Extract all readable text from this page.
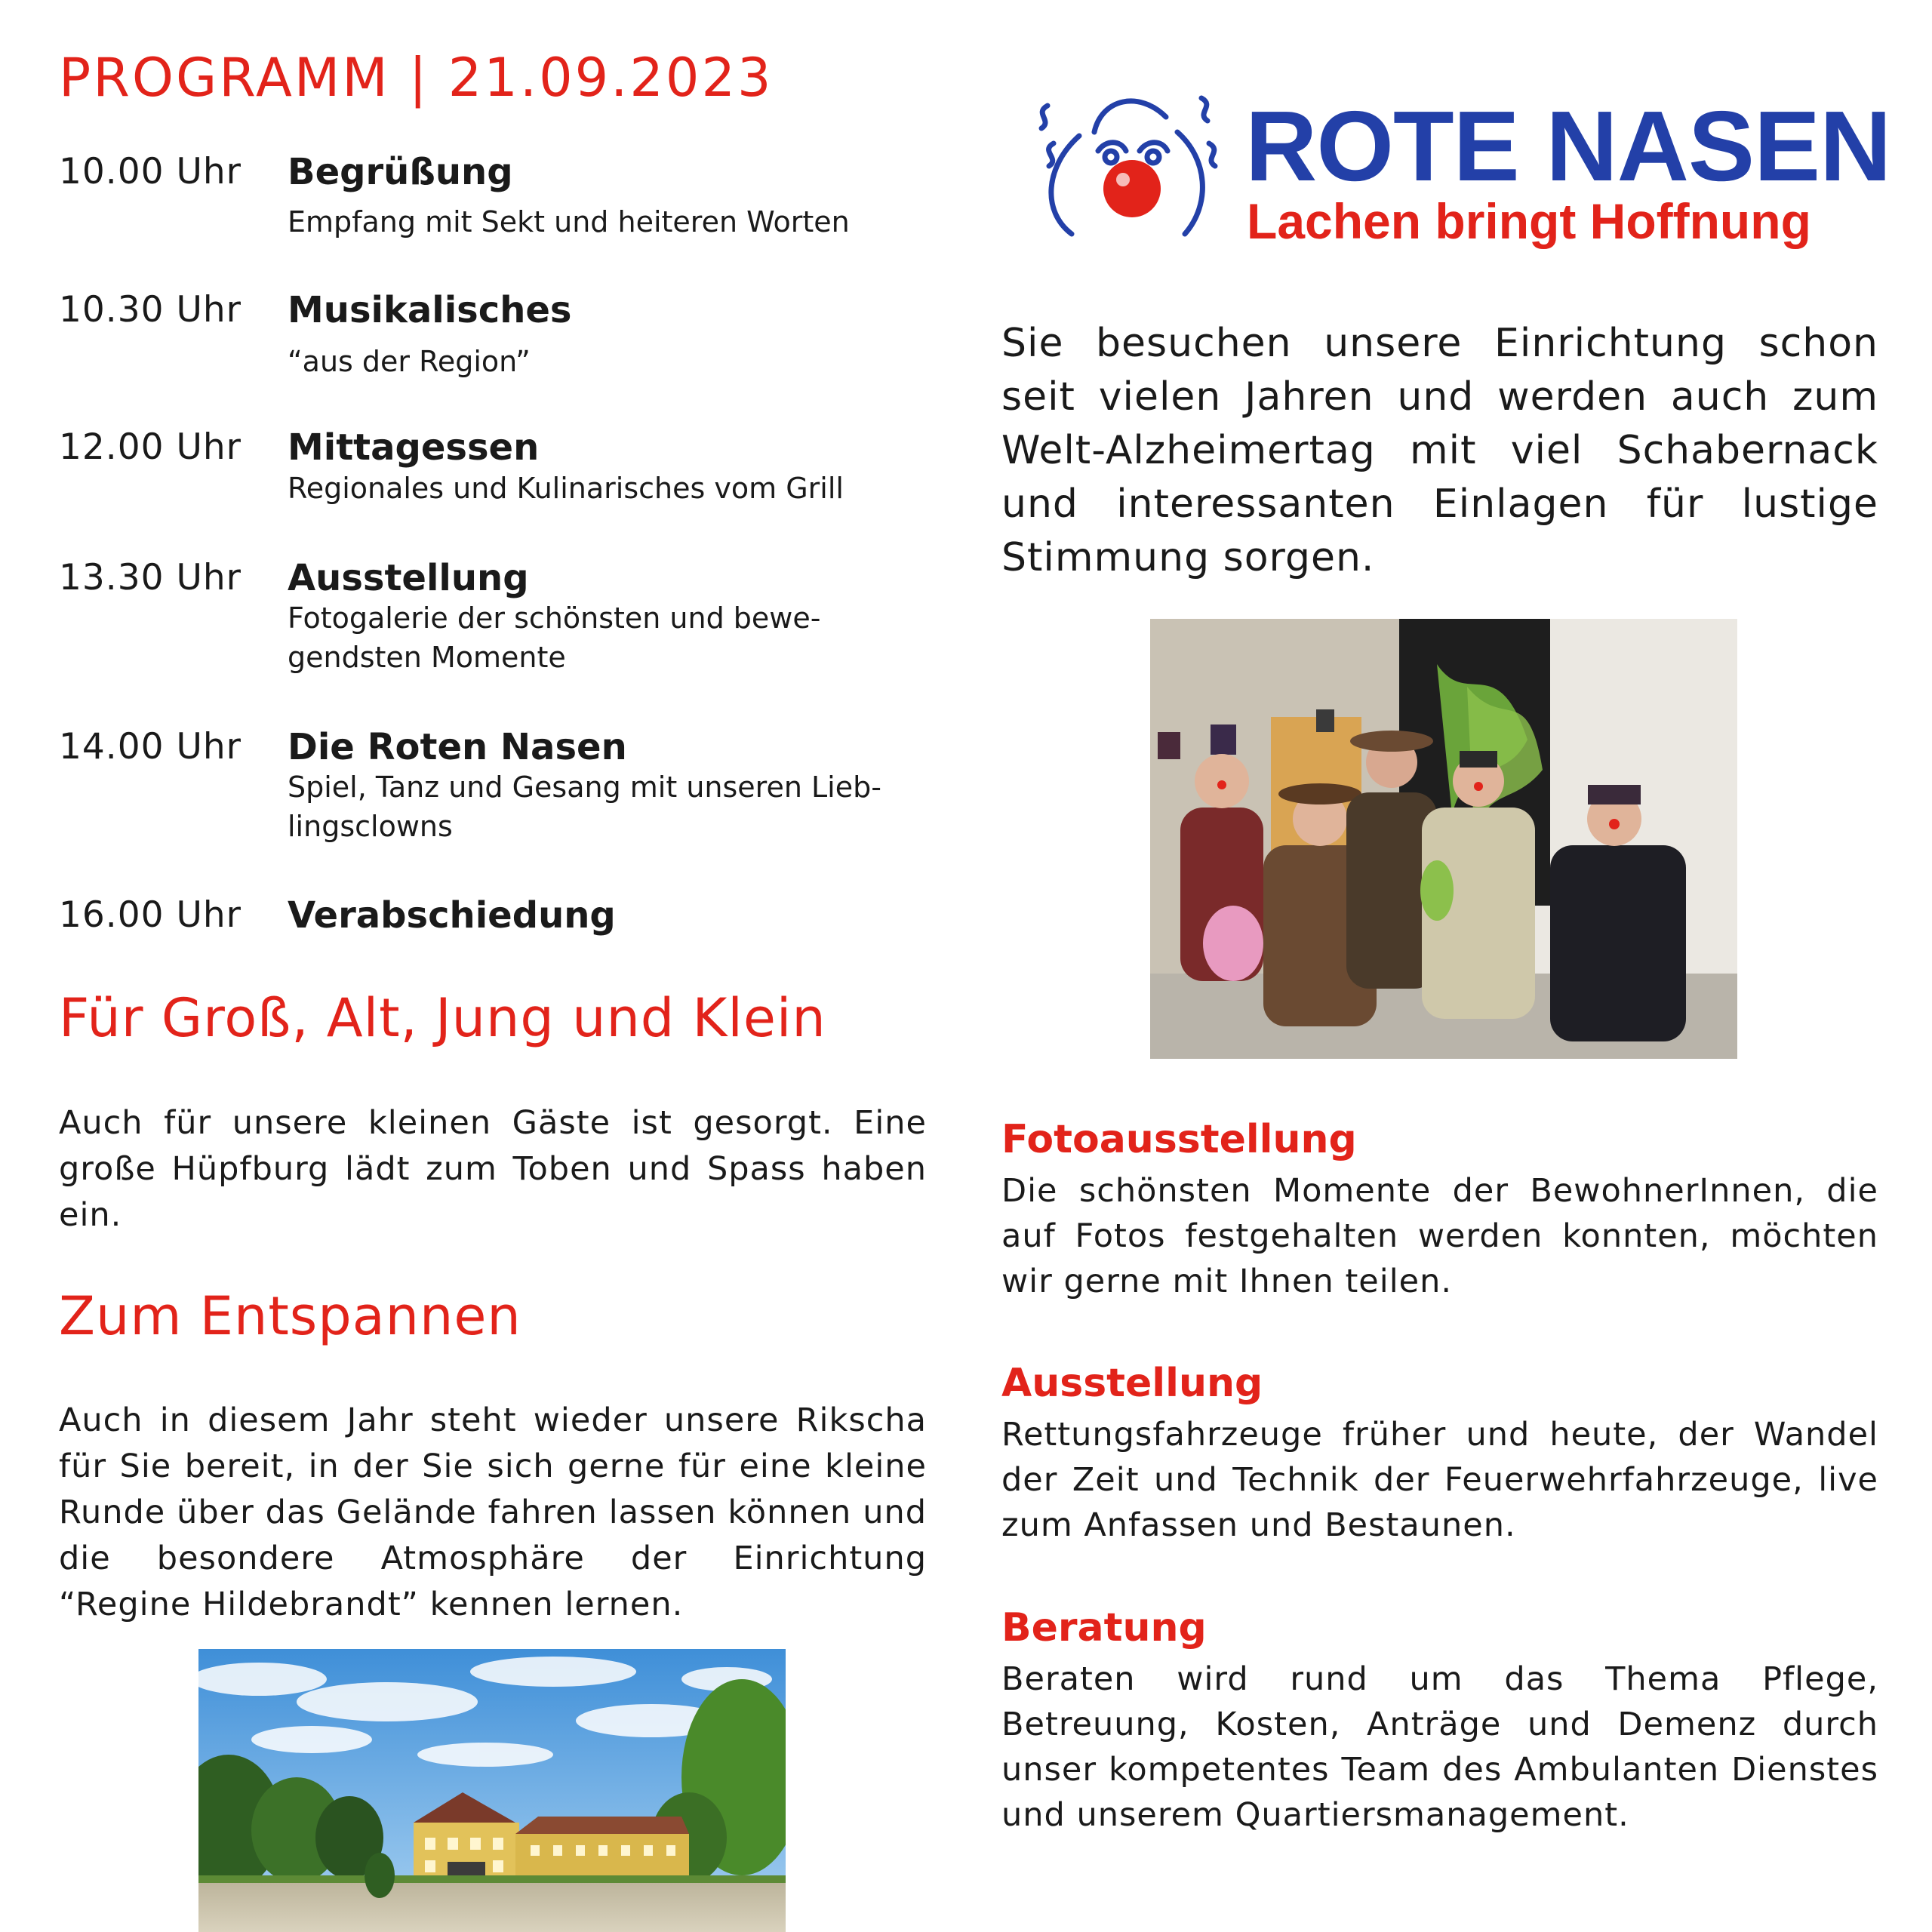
PROGRAMM | 21.09.2023
10.00 Uhr Begrüßung
Empfang mit Sekt und heiteren Worten
10.30 Uhr Musikalisches
“aus der Region”
12.00 Uhr Mittagessen
Regionales und Kulinarisches vom Grill
13.30 Uhr Ausstellung
Fotogalerie der schönsten und bewe-gendsten Momente
14.00 Uhr Die Roten Nasen
Spiel, Tanz und Gesang mit unseren Lieb-lingsclowns
16.00 Uhr Verabschiedung
Für Groß, Alt, Jung und Klein
Auch für unsere kleinen Gäste ist gesorgt. Eine große Hüpfburg lädt zum Toben und Spass haben ein.
Zum Entspannen
Auch in diesem Jahr steht wieder unsere Rikscha für Sie bereit, in der Sie sich gerne für eine kleine Runde über das Gelände fahren lassen können und die besondere Atmosphäre der Einrichtung “Regine Hildebrandt” kennen lernen.
ROTE NASEN
Lachen bringt Hoffnung
Sie besuchen unsere Einrichtung schon seit vielen Jahren und werden auch zum Welt-Alzheimertag mit viel Schabernack und interessanten Einlagen für lustige Stimmung sorgen.
Fotoausstellung
Die schönsten Momente der BewohnerInnen, die auf Fotos festgehalten werden konnten, möchten wir gerne mit Ihnen teilen.
Ausstellung
Rettungsfahrzeuge früher und heute, der Wandel der Zeit und Technik der Feuerwehrfahrzeuge, live zum Anfassen und Bestaunen.
Beratung
Beraten wird rund um das Thema Pflege, Betreuung, Kosten, Anträge und Demenz durch unser kompetentes Team des Ambulanten Dienstes und unserem Quartiersmanagement.
